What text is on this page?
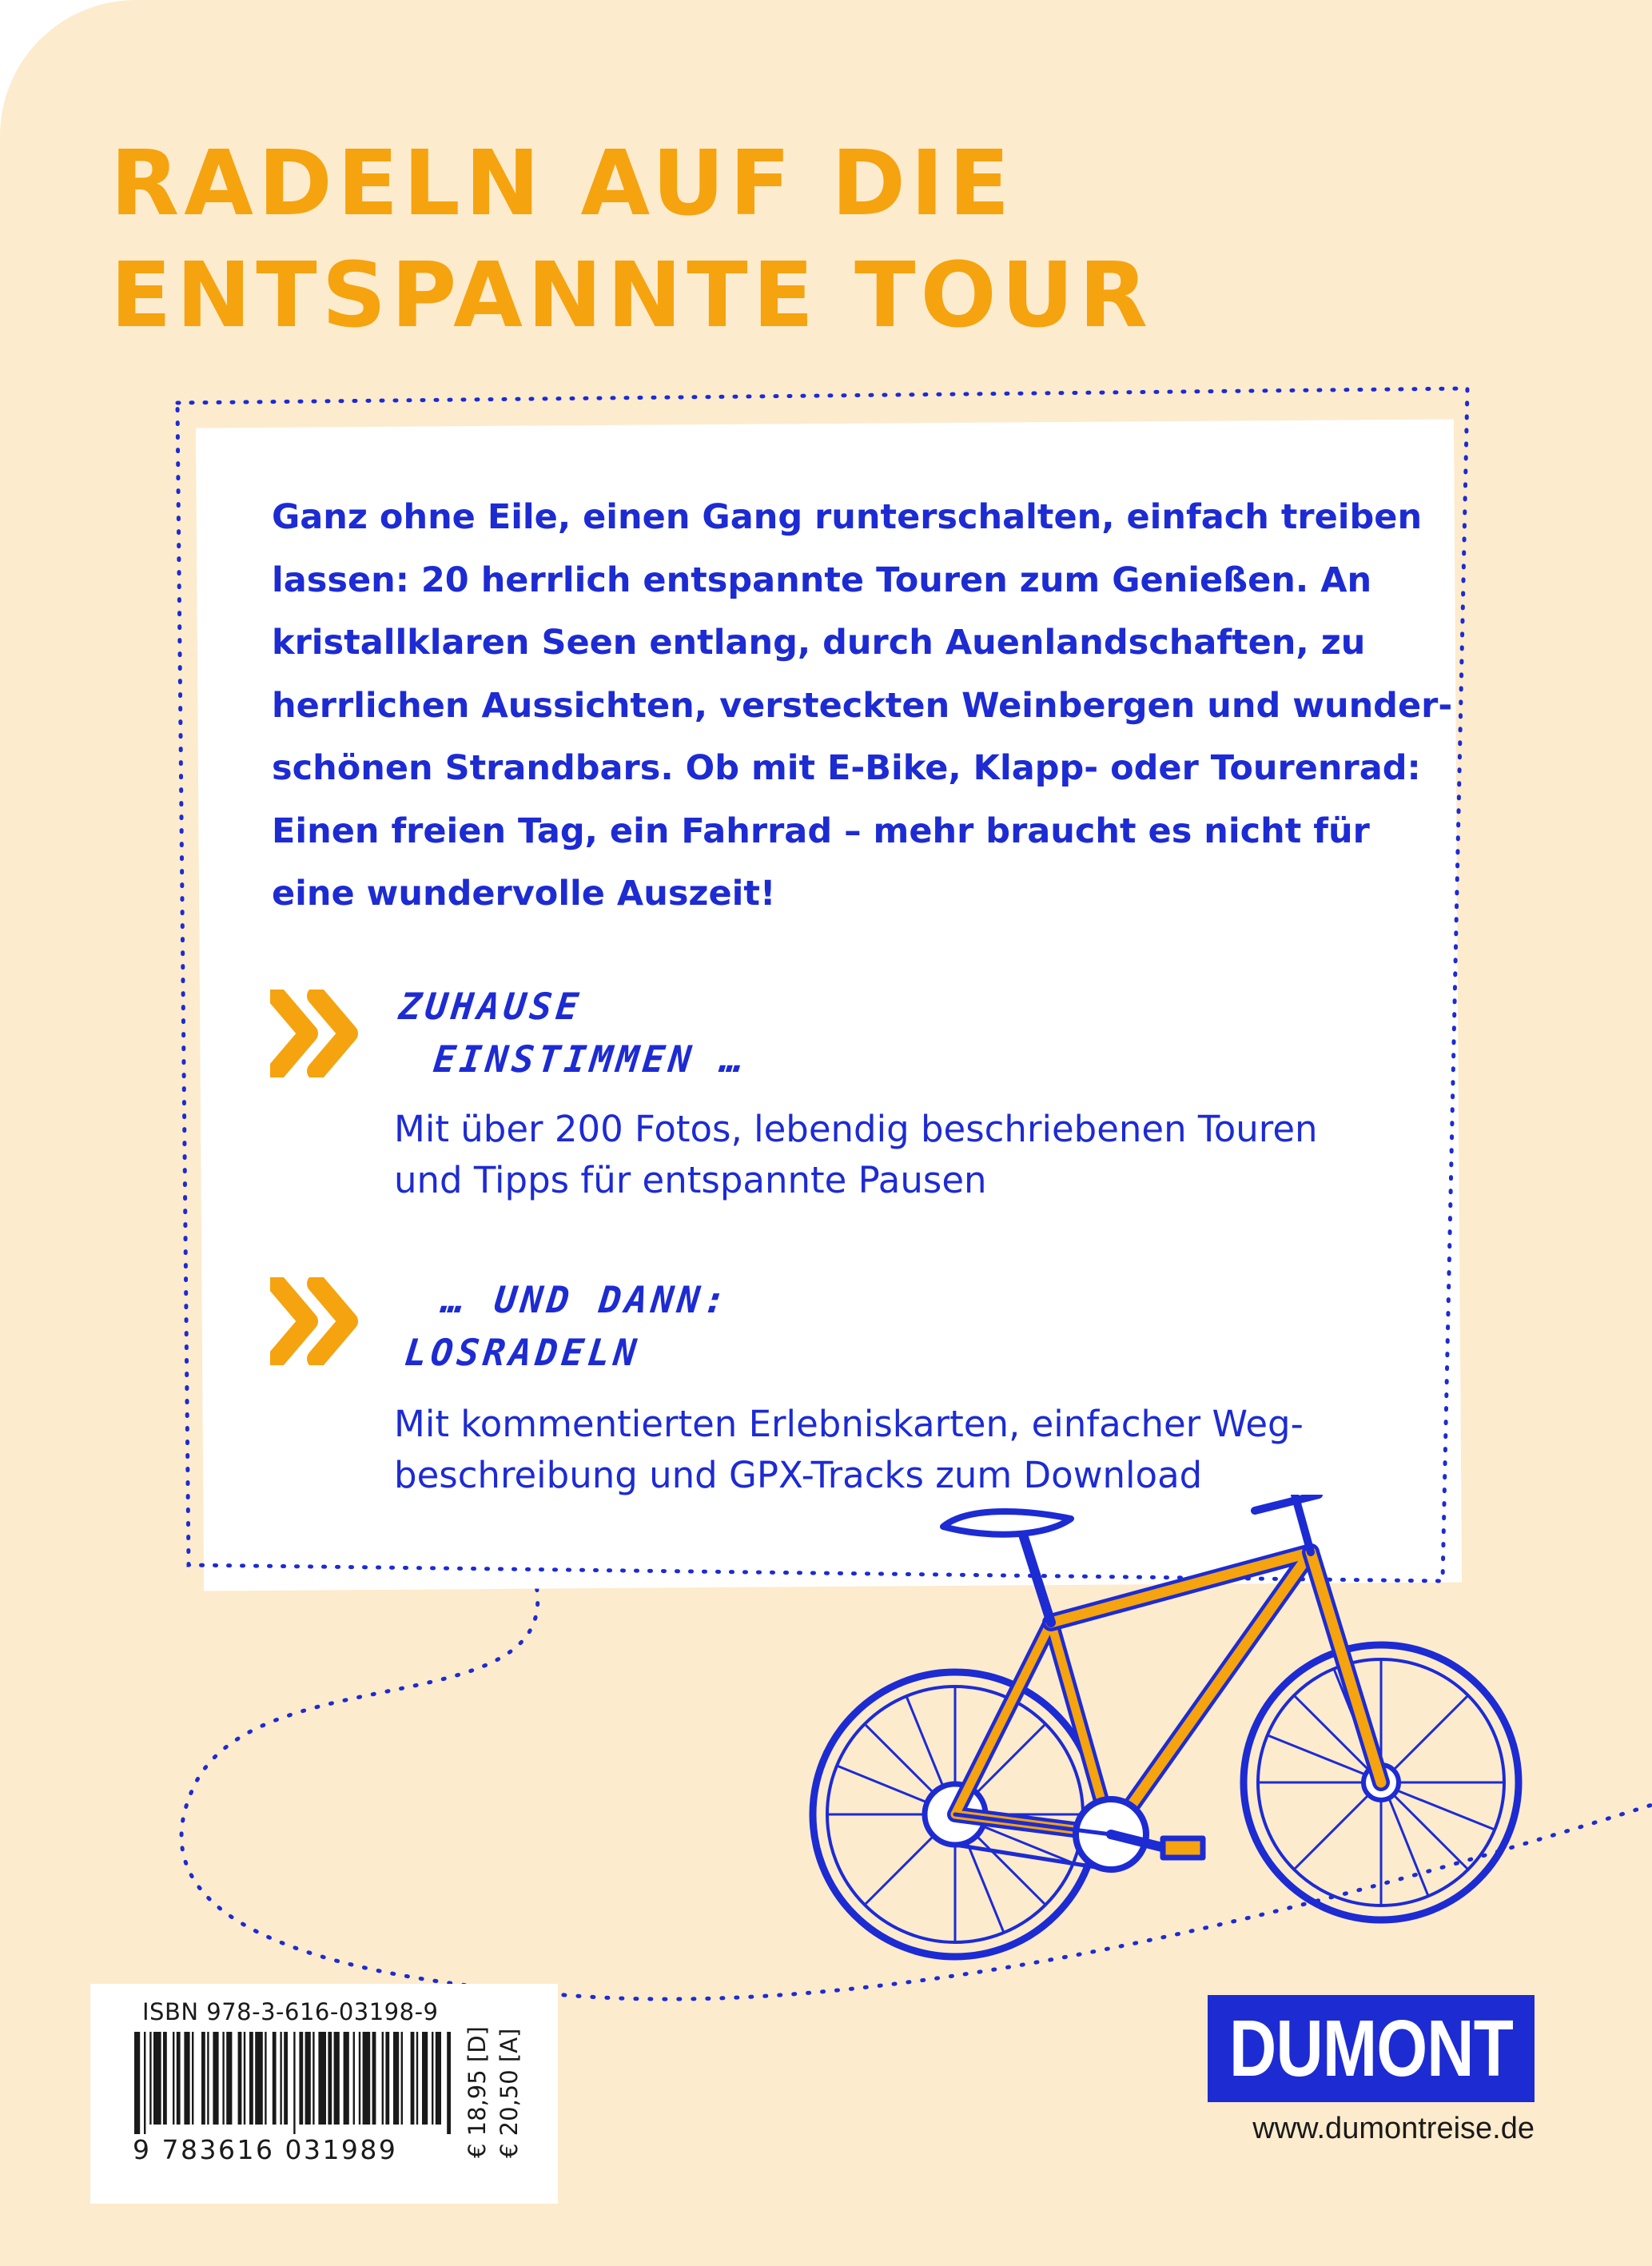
RADELN AUF DIE
ENTSPANNTE TOUR
Ganz ohne Eile, einen Gang runterschalten, einfach treiben
lassen: 20 herrlich entspannte Touren zum Genießen. An
kristallklaren Seen entlang, durch Auenlandschaften, zu
herrlichen Aussichten, versteckten Weinbergen und wunder-
schönen Strandbars. Ob mit E-Bike, Klapp- oder Tourenrad:
Einen freien Tag, ein Fahrrad – mehr braucht es nicht für
eine wundervolle Auszeit!
ZUHAUSE
EINSTIMMEN …
Mit über 200 Fotos, lebendig beschriebenen Touren
und Tipps für entspannte Pausen
… UND DANN:
LOSRADELN
Mit kommentierten Erlebniskarten, einfacher Weg-
beschreibung und GPX-Tracks zum Download
ISBN 978-3-616-03198-9
9 783616 031989	€ 18,95 [D] € 20,50 [A]	DUMONT
www.dumontreise.de
